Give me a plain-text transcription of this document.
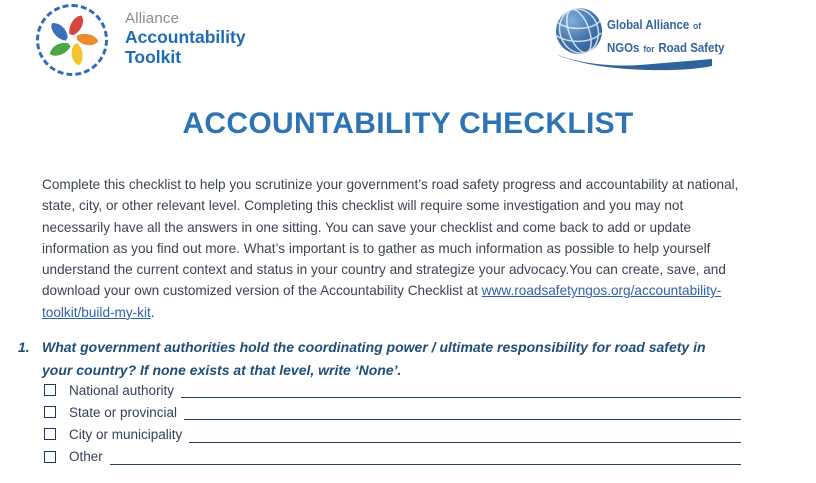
Alliance
Accountability
Toolkit
Global Alliance of
NGOs for Road Safety
ACCOUNTABILITY CHECKLIST
Complete this checklist to help you scrutinize your government’s road safety progress and accountability at national,
state, city, or other relevant level. Completing this checklist will require some investigation and you may not
necessarily have all the answers in one sitting. You can save your checklist and come back to add or update
information as you find out more. What’s important is to gather as much information as possible to help yourself
understand the current context and status in your country and strategize your advocacy.You can create, save, and
download your own customized version of the Accountability Checklist at www.roadsafetyngos.org/accountability-
toolkit/build-my-kit.
1. What government authorities hold the coordinating power / ultimate responsibility for road safety in
your country? If none exists at that level, write ‘None’.
National authority
State or provincial
City or municipality
Other
